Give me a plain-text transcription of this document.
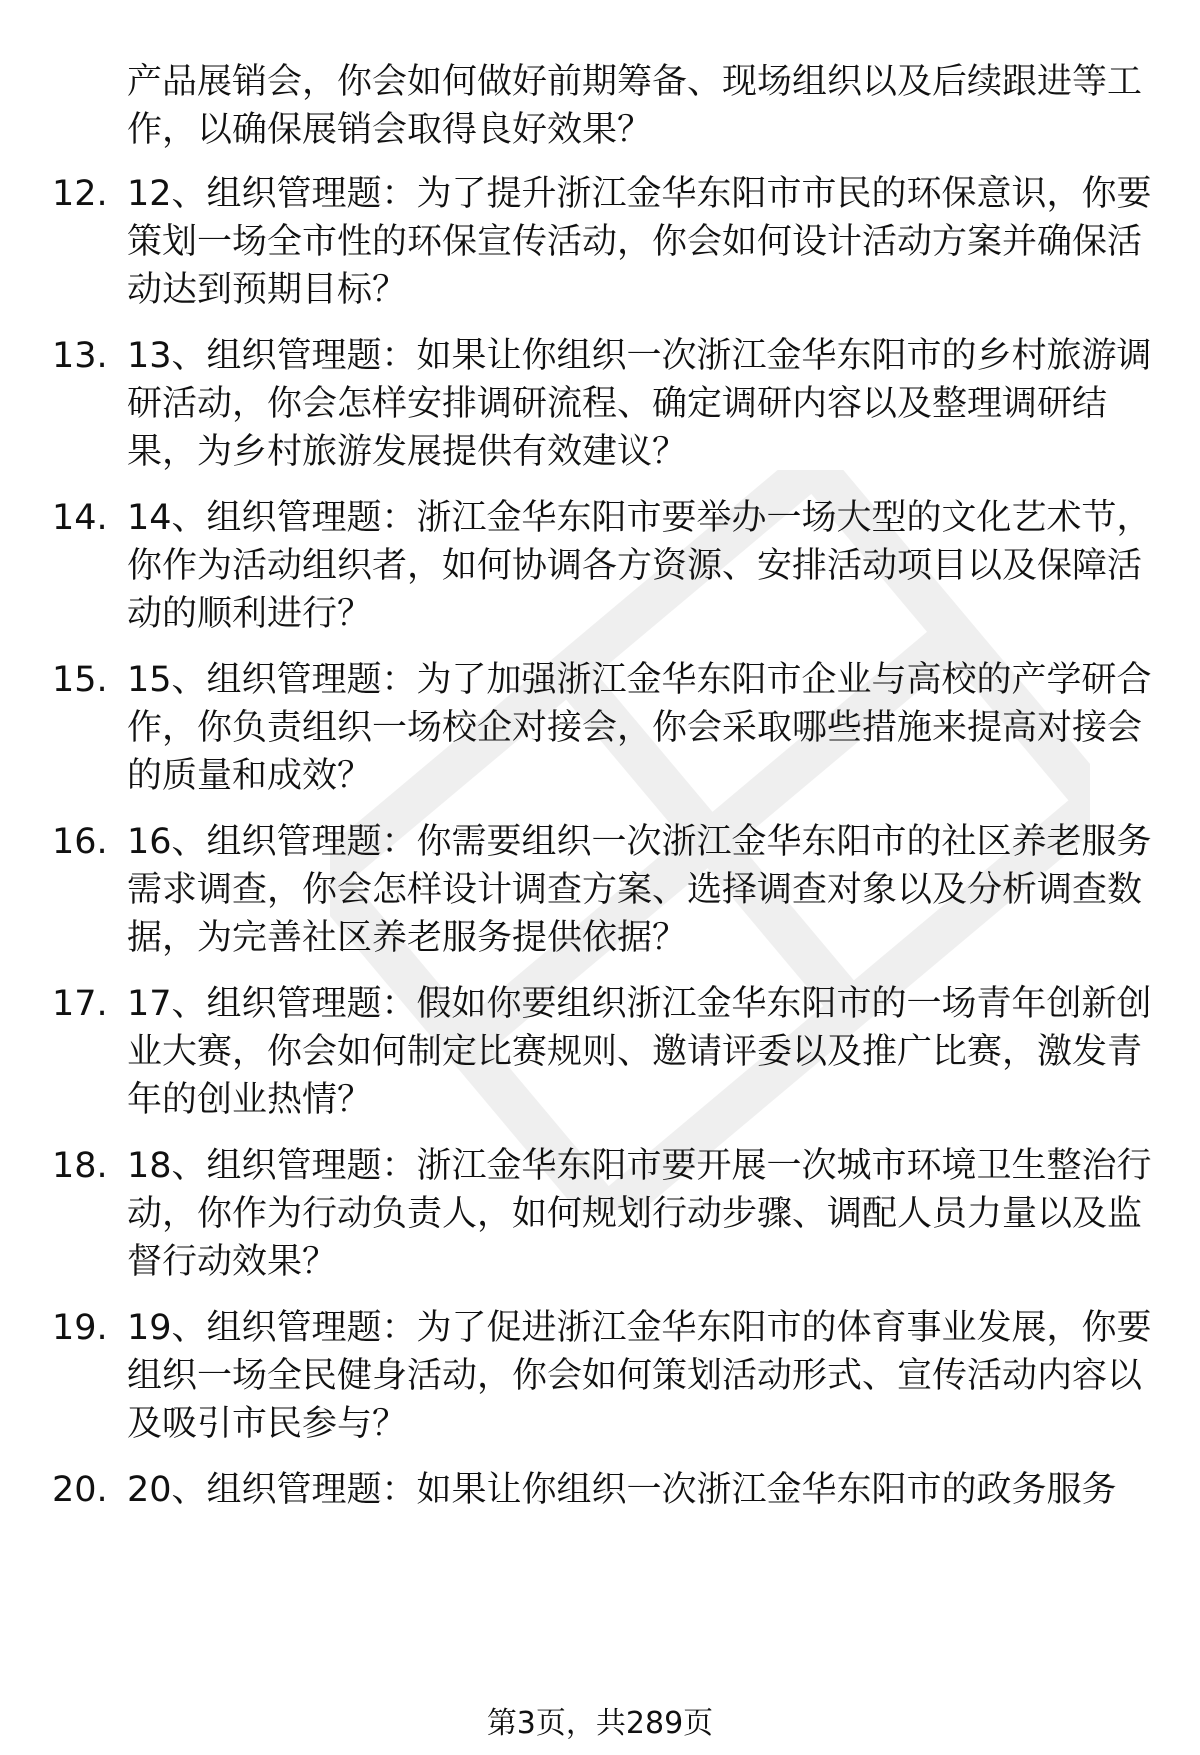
产品展销会，你会如何做好前期筹备、现场组织以及后续跟进等工作，以确保展销会取得良好效果？
12. 12、组织管理题：为了提升浙江金华东阳市市民的环保意识，你要策划一场全市性的环保宣传活动，你会如何设计活动方案并确保活动达到预期目标？
13. 13、组织管理题：如果让你组织一次浙江金华东阳市的乡村旅游调研活动，你会怎样安排调研流程、确定调研内容以及整理调研结果，为乡村旅游发展提供有效建议？
14. 14、组织管理题：浙江金华东阳市要举办一场大型的文化艺术节，你作为活动组织者，如何协调各方资源、安排活动项目以及保障活动的顺利进行？
15. 15、组织管理题：为了加强浙江金华东阳市企业与高校的产学研合作，你负责组织一场校企对接会，你会采取哪些措施来提高对接会的质量和成效？
16. 16、组织管理题：你需要组织一次浙江金华东阳市的社区养老服务需求调查，你会怎样设计调查方案、选择调查对象以及分析调查数据，为完善社区养老服务提供依据？
17. 17、组织管理题：假如你要组织浙江金华东阳市的一场青年创新创业大赛，你会如何制定比赛规则、邀请评委以及推广比赛，激发青年的创业热情？
18. 18、组织管理题：浙江金华东阳市要开展一次城市环境卫生整治行动，你作为行动负责人，如何规划行动步骤、调配人员力量以及监督行动效果？
19. 19、组织管理题：为了促进浙江金华东阳市的体育事业发展，你要组织一场全民健身活动，你会如何策划活动形式、宣传活动内容以及吸引市民参与？
20. 20、组织管理题：如果让你组织一次浙江金华东阳市的政务服务
第3页，共289页
